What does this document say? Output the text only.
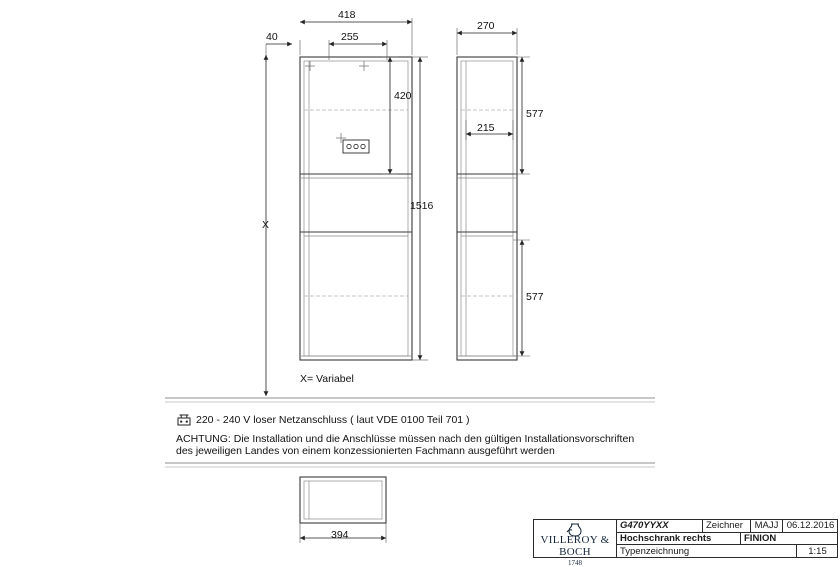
418
255
40
420
1516
270
215
577
577
394
X
X= Variabel
220 - 240 V loser Netzanschluss ( laut VDE 0100 Teil 701 )
ACHTUNG: Die Installation und die Anschlüsse müssen nach den gültigen Installationsvorschriften
des jeweiligen Landes von einem konzessionierten Fachmann ausgeführt werden
VILLEROY & BOCH
1748
G470YYXX	Zeichner	MAJJ 06.12.2016
Hochschrank rechts	FINION
Typenzeichnung	1:15
